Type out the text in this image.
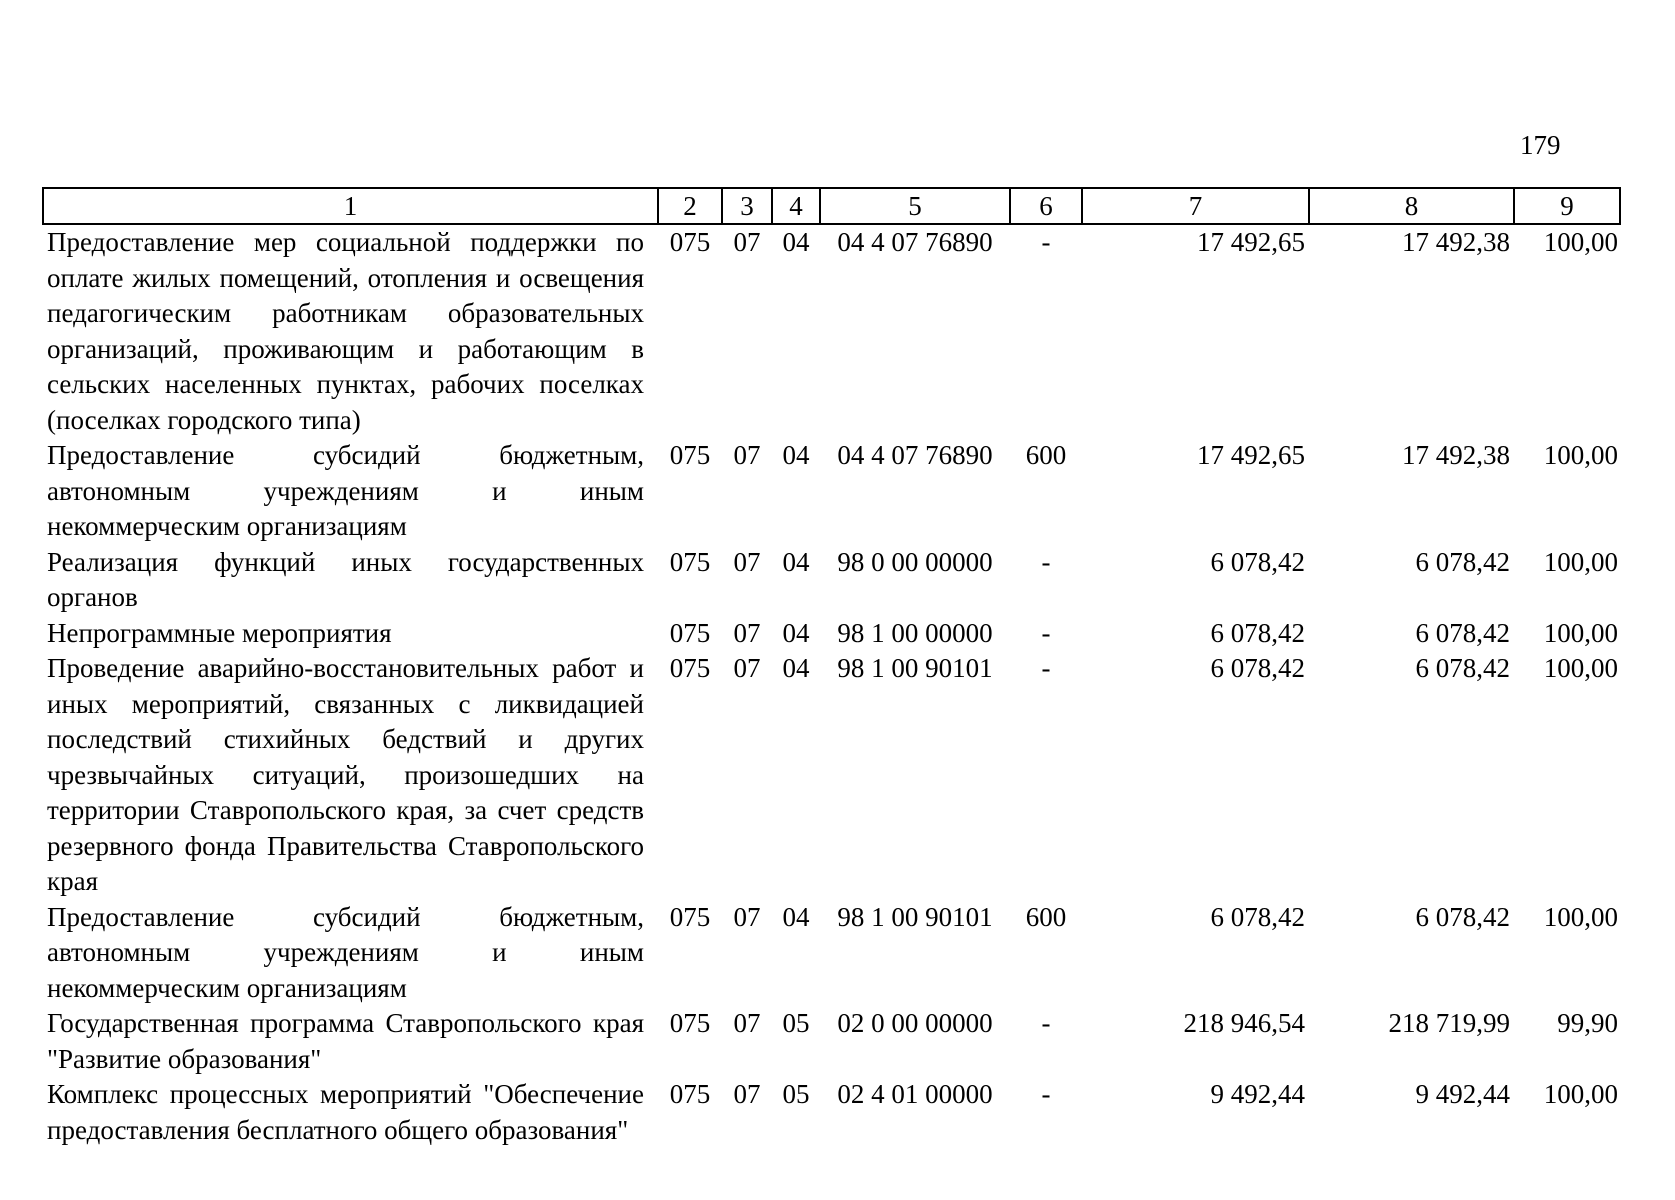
179
1	2	3	4	5	6	7	8	9
Предоставление мер социальной поддержки по оплате жилых помещений, отопления и освещения педагогическим работникам образовательных организаций, проживающим и работающим в сельских населенных пунктах, рабочих поселках (поселках городского типа)	075	07	04	04 4 07 76890	-	17 492,65	17 492,38	100,00
Предоставление субсидий бюджетным, автономным учреждениям и иным некоммерческим организациям	075	07	04	04 4 07 76890	600	17 492,65	17 492,38	100,00
Реализация функций иных государственных органов	075	07	04	98 0 00 00000	-	6 078,42	6 078,42	100,00
Непрограммные мероприятия	075	07	04	98 1 00 00000	-	6 078,42	6 078,42	100,00
Проведение аварийно-восстановительных работ и иных мероприятий, связанных с ликвидацией последствий стихийных бедствий и других чрезвычайных ситуаций, произошедших на территории Ставропольского края, за счет средств резервного фонда Правительства Ставропольского края	075	07	04	98 1 00 90101	-	6 078,42	6 078,42	100,00
Предоставление субсидий бюджетным, автономным учреждениям и иным некоммерческим организациям	075	07	04	98 1 00 90101	600	6 078,42	6 078,42	100,00
Государственная программа Ставропольского края "Развитие образования"	075	07	05	02 0 00 00000	-	218 946,54	218 719,99	99,90
Комплекс процессных мероприятий "Обеспечение предоставления бесплатного общего образования"	075	07	05	02 4 01 00000	-	9 492,44	9 492,44	100,00
